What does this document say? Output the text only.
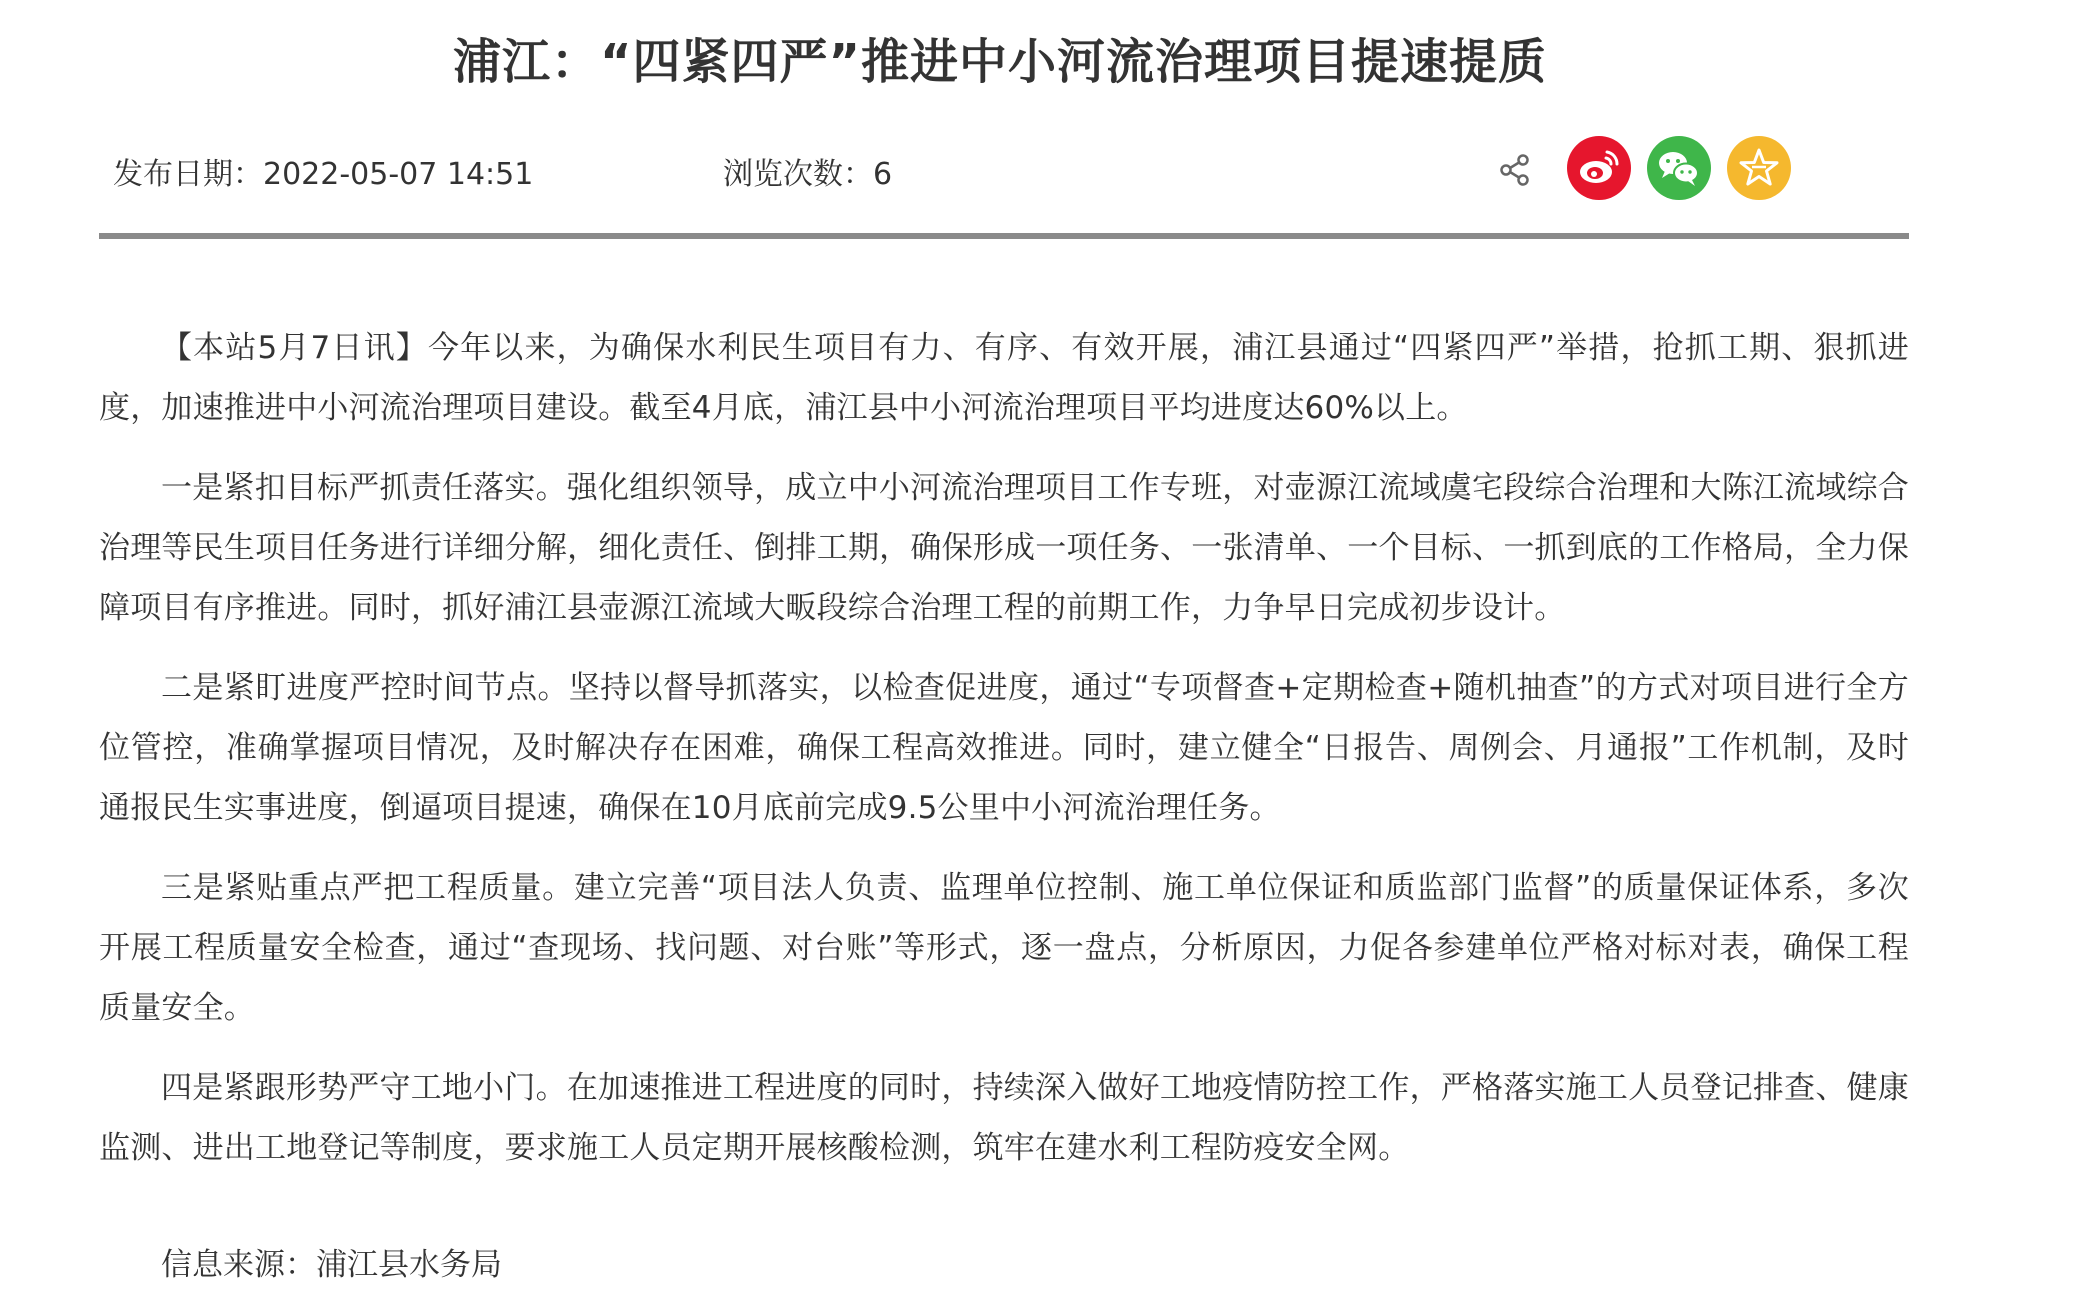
浦江：“四紧四严”推进中小河流治理项目提速提质
发布日期：2022-05-07 14:51	浏览次数：6

【本站5月7日讯】今年以来，为确保水利民生项目有力、有序、有效开展，浦江县通过“四紧四严”举措，抢抓工期、狠抓进度，加速推进中小河流治理项目建设。截至4月底，浦江县中小河流治理项目平均进度达60%以上。

一是紧扣目标严抓责任落实。强化组织领导，成立中小河流治理项目工作专班，对壶源江流域虞宅段综合治理和大陈江流域综合治理等民生项目任务进行详细分解，细化责任、倒排工期，确保形成一项任务、一张清单、一个目标、一抓到底的工作格局，全力保障项目有序推进。同时，抓好浦江县壶源江流域大畈段综合治理工程的前期工作，力争早日完成初步设计。

二是紧盯进度严控时间节点。坚持以督导抓落实，以检查促进度，通过“专项督查+定期检查+随机抽查”的方式对项目进行全方位管控，准确掌握项目情况，及时解决存在困难，确保工程高效推进。同时，建立健全“日报告、周例会、月通报”工作机制，及时通报民生实事进度，倒逼项目提速，确保在10月底前完成9.5公里中小河流治理任务。

三是紧贴重点严把工程质量。建立完善“项目法人负责、监理单位控制、施工单位保证和质监部门监督”的质量保证体系，多次开展工程质量安全检查，通过“查现场、找问题、对台账”等形式，逐一盘点，分析原因，力促各参建单位严格对标对表，确保工程质量安全。

四是紧跟形势严守工地小门。在加速推进工程进度的同时，持续深入做好工地疫情防控工作，严格落实施工人员登记排查、健康监测、进出工地登记等制度，要求施工人员定期开展核酸检测，筑牢在建水利工程防疫安全网。

信息来源：浦江县水务局
